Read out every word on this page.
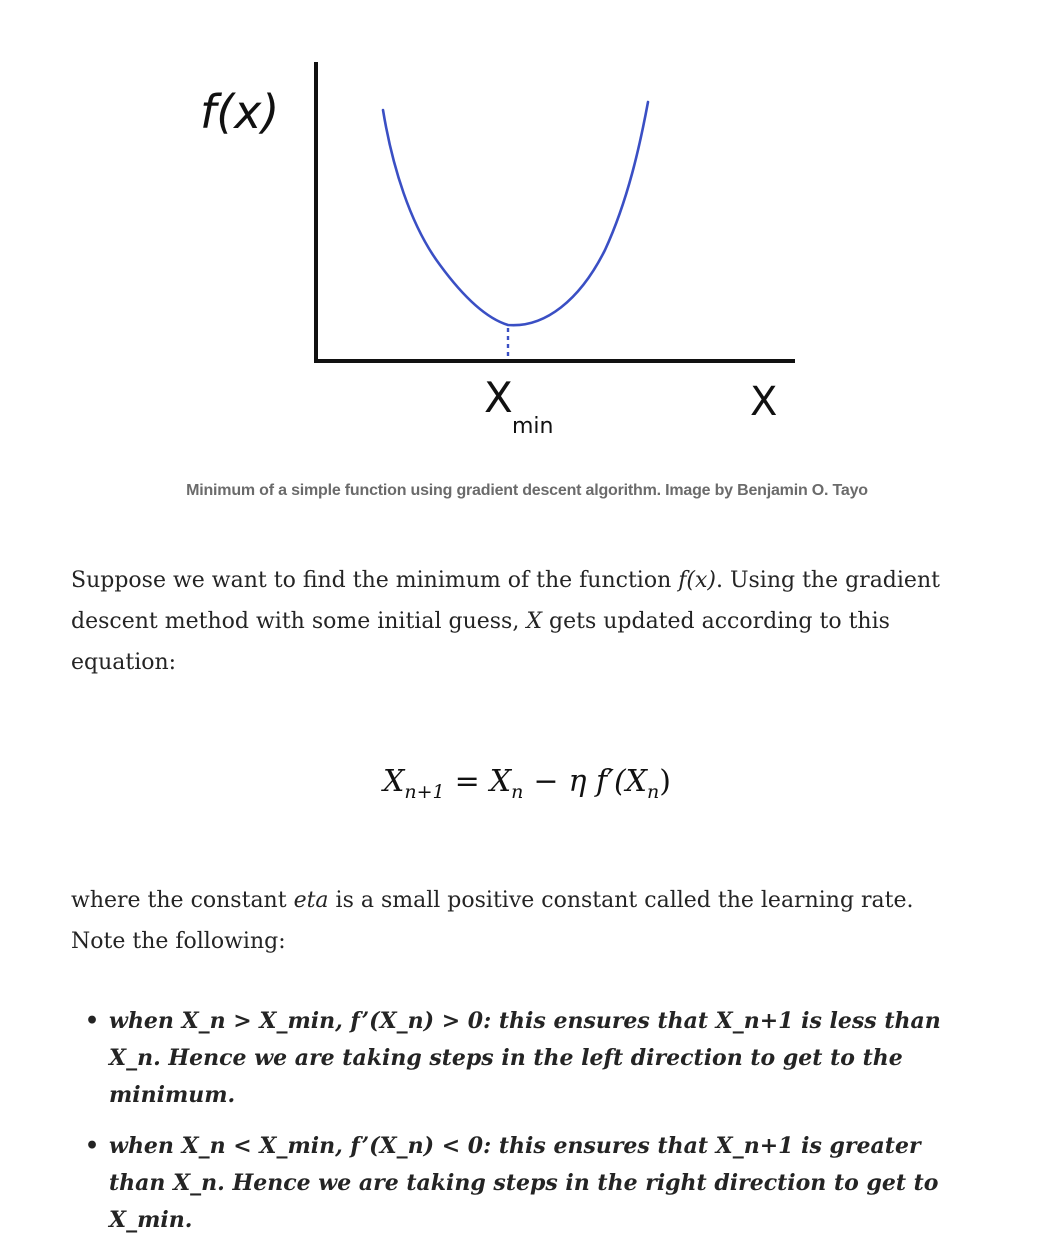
f(x)
X
min
X
Minimum of a simple function using gradient descent algorithm. Image by Benjamin O. Tayo

Suppose we want to find the minimum of the function f(x). Using the gradient descent method with some initial guess, X gets updated according to this equation:

$X_{n+1} = X_n - \eta$ $f'(X_n)$

where the constant eta is a small positive constant called the learning rate. Note the following:

• when X_n > X_min, f’(X_n) > 0: this ensures that X_n+1 is less than X_n. Hence we are taking steps in the left direction to get to the minimum.
• when X_n < X_min, f’(X_n) < 0: this ensures that X_n+1 is greater than X_n. Hence we are taking steps in the right direction to get to X_min.
